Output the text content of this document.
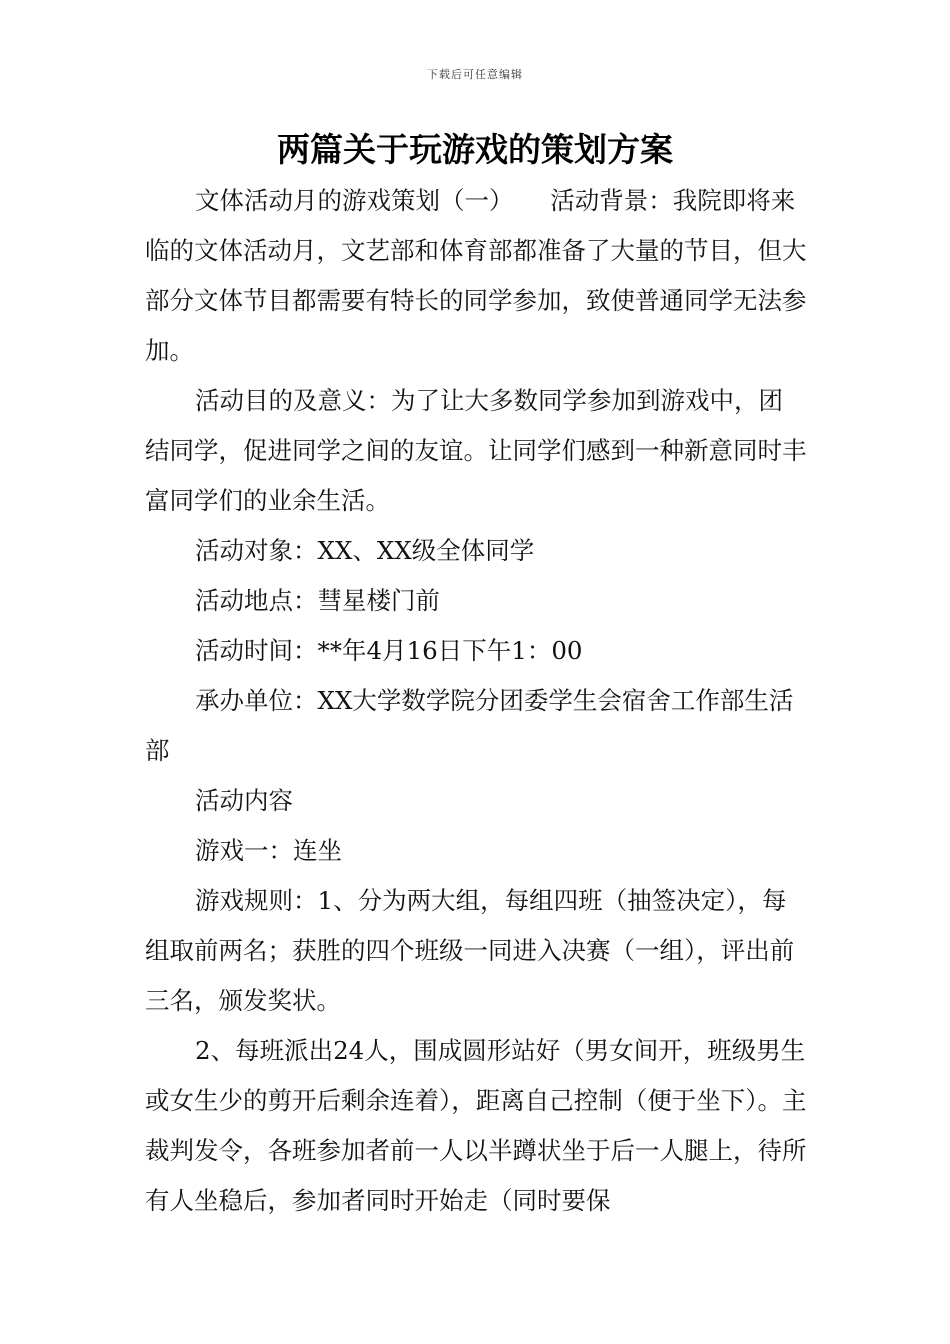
下载后可任意编辑
两篇关于玩游戏的策划方案

文体活动月的游戏策划（一）　　活动背景：我院即将来临的文体活动月，文艺部和体育部都准备了大量的节目，但大部分文体节目都需要有特长的同学参加，致使普通同学无法参加。

活动目的及意义：为了让大多数同学参加到游戏中，团结同学，促进同学之间的友谊。让同学们感到一种新意同时丰富同学们的业余生活。

活动对象：XX、XX级全体同学

活动地点：彗星楼门前

活动时间：**年4月16日下午1：00

承办单位：XX大学数学院分团委学生会宿舍工作部生活部

活动内容

游戏一：连坐

游戏规则：1、分为两大组，每组四班（抽签决定），每组取前两名；获胜的四个班级一同进入决赛（一组），评出前三名，颁发奖状。

2、每班派出24人，围成圆形站好（男女间开，班级男生或女生少的剪开后剩余连着），距离自己控制（便于坐下）。主裁判发令，各班参加者前一人以半蹲状坐于后一人腿上，待所有人坐稳后，参加者同时开始走（同时要保
